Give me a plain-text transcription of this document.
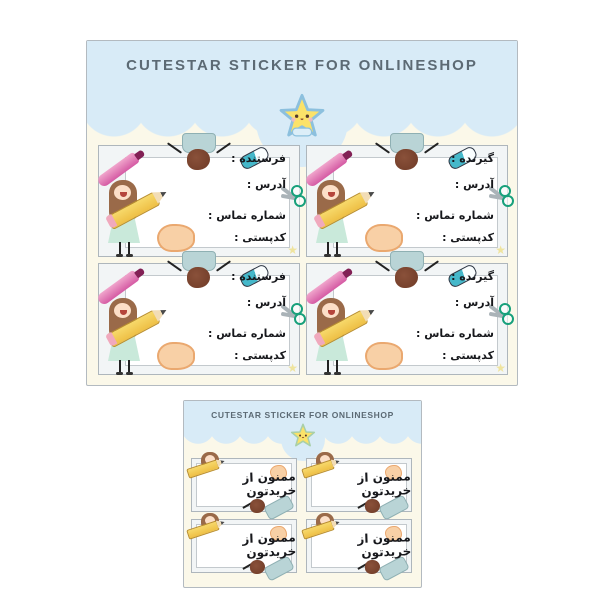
CUTESTAR STICKER FOR ONLINESHOP
★
فرستنده :
آدرس :
شماره تماس :
کدپستی :
★
گیرنده :
آدرس :
شماره تماس :
کدپستی :
★
فرستنده :
آدرس :
شماره تماس :
کدپستی :
★
گیرنده :
آدرس :
شماره تماس :
کدپستی :
CUTESTAR STICKER FOR ONLINESHOP
ممنون از خریدتون
ممنون از خریدتون
ممنون از خریدتون
ممنون از خریدتون
